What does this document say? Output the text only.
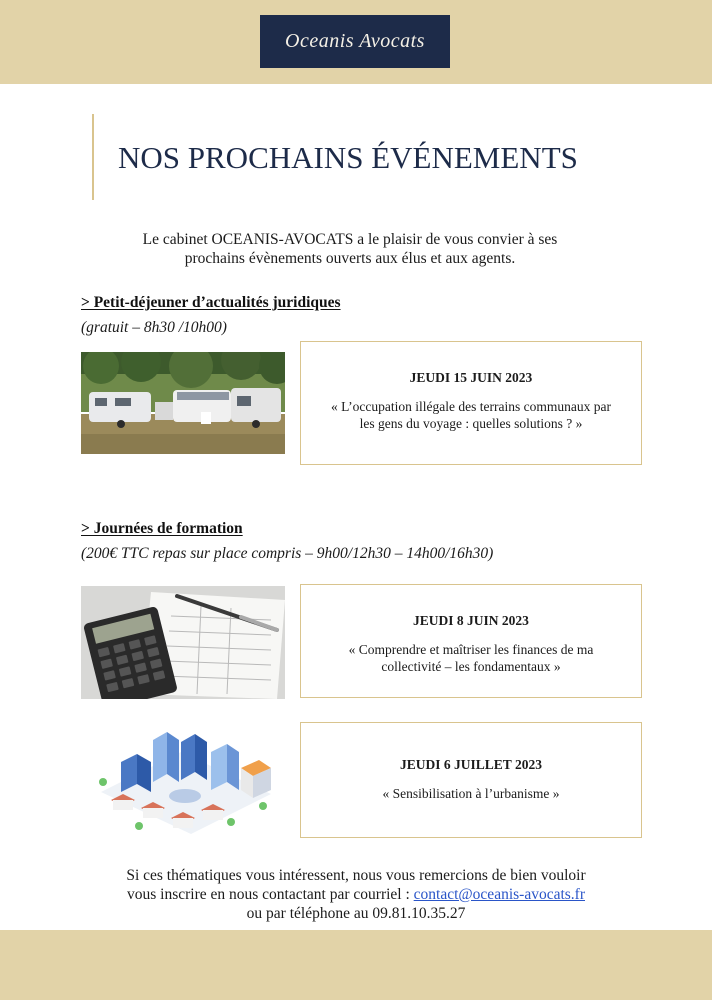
Oceanis Avocats
NOS PROCHAINS ÉVÉNEMENTS
Le cabinet OCEANIS-AVOCATS a le plaisir de vous convier à ses
prochains évènements ouverts aux élus et aux agents.
> Petit-déjeuner d’actualités juridiques
(gratuit – 8h30 /10h00)
JEUDI 15 JUIN 2023
« L’occupation illégale des terrains communaux par
les gens du voyage : quelles solutions ? »
> Journées de formation
(200€ TTC repas sur place compris – 9h00/12h30 – 14h00/16h30)
JEUDI 8 JUIN 2023
« Comprendre et maîtriser les finances de ma
collectivité – les fondamentaux »
JEUDI 6 JUILLET 2023
« Sensibilisation à l’urbanisme »
Si ces thématiques vous intéressent, nous vous remercions de bien vouloir
vous inscrire en nous contactant par courriel : contact@oceanis-avocats.fr
ou par téléphone au 09.81.10.35.27
